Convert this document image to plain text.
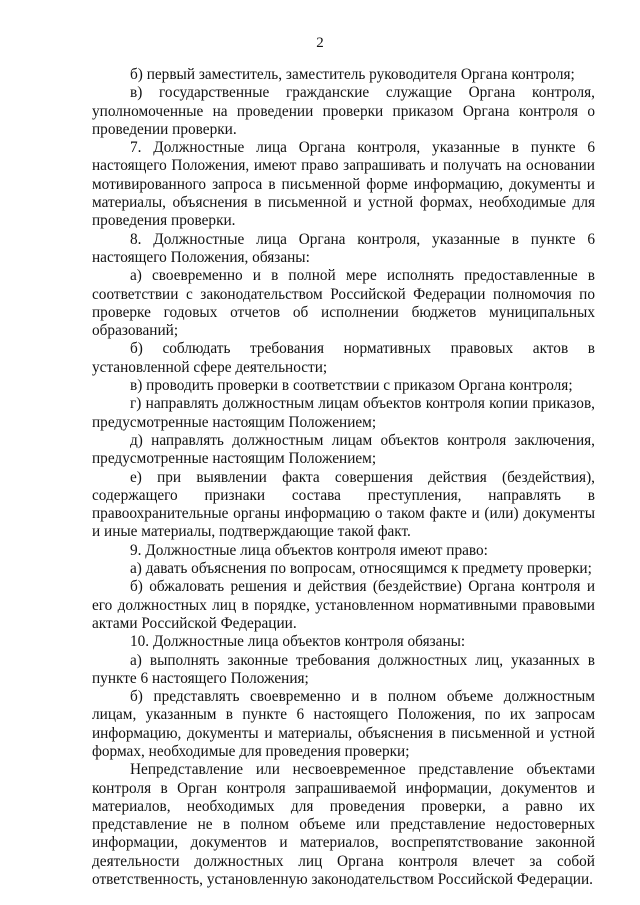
2

б) первый заместитель, заместитель руководителя Органа контроля;

в) государственные гражданские служащие Органа контроля, уполномоченные на проведении проверки приказом Органа контроля о проведении проверки.

7. Должностные лица Органа контроля, указанные в пункте 6 настоящего Положения, имеют право запрашивать и получать на основании мотивированного запроса в письменной форме информацию, документы и материалы, объяснения в письменной и устной формах, необходимые для проведения проверки.

8. Должностные лица Органа контроля, указанные в пункте 6 настоящего Положения, обязаны:

а) своевременно и в полной мере исполнять предоставленные в соответствии с законодательством Российской Федерации полномочия по проверке годовых отчетов об исполнении бюджетов муниципальных образований;

б) соблюдать требования нормативных правовых актов в установленной сфере деятельности;

в) проводить проверки в соответствии с приказом Органа контроля;

г) направлять должностным лицам объектов контроля копии приказов, предусмотренные настоящим Положением;

д) направлять должностным лицам объектов контроля заключения, предусмотренные настоящим Положением;

е) при выявлении факта совершения действия (бездействия), содержащего признаки состава преступления, направлять в правоохранительные органы информацию о таком факте и (или) документы и иные материалы, подтверждающие такой факт.

9. Должностные лица объектов контроля имеют право:

а) давать объяснения по вопросам, относящимся к предмету проверки;

б) обжаловать решения и действия (бездействие) Органа контроля и его должностных лиц в порядке, установленном нормативными правовыми актами Российской Федерации.

10. Должностные лица объектов контроля обязаны:

а) выполнять законные требования должностных лиц, указанных в пункте 6 настоящего Положения;

б) представлять своевременно и в полном объеме должностным лицам, указанным в пункте 6 настоящего Положения, по их запросам информацию, документы и материалы, объяснения в письменной и устной формах, необходимые для проведения проверки;

Непредставление или несвоевременное представление объектами контроля в Орган контроля запрашиваемой информации, документов и материалов, необходимых для проведения проверки, а равно их представление не в полном объеме или представление недостоверных информации, документов и материалов, воспрепятствование законной деятельности должностных лиц Органа контроля влечет за собой ответственность, установленную законодательством Российской Федерации.
